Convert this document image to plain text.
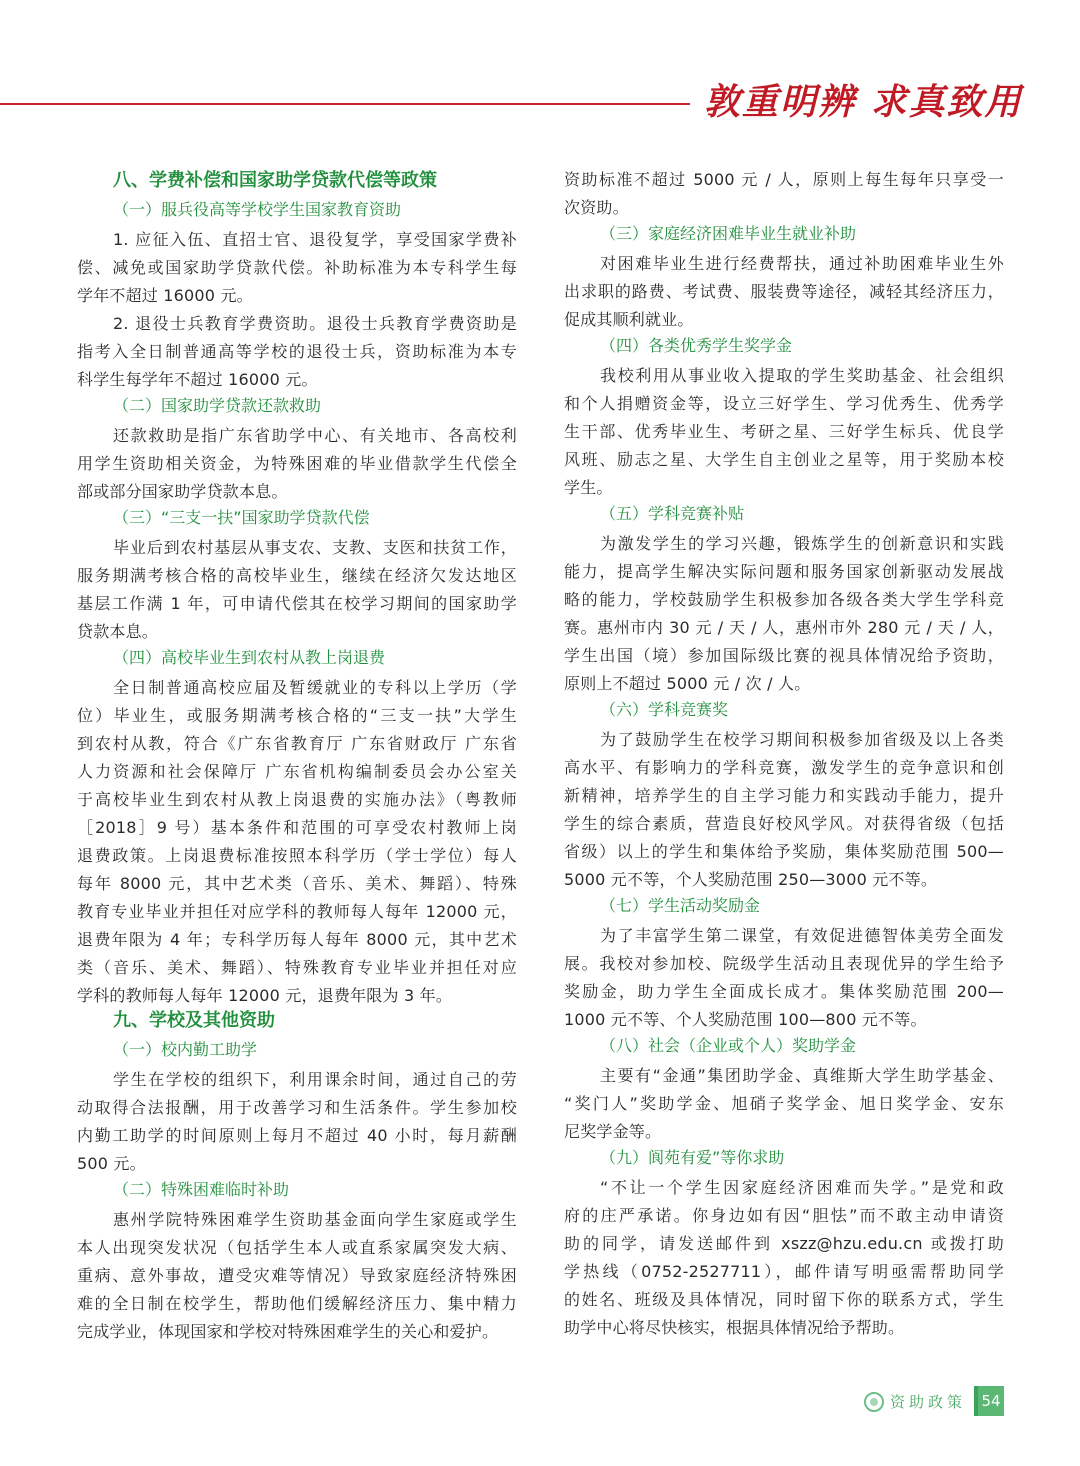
敦重明辨 求真致用
八、学费补偿和国家助学贷款代偿等政策
（一）服兵役高等学校学生国家教育资助
1. 应征入伍、直招士官、退役复学，享受国家学费补
偿、减免或国家助学贷款代偿。补助标准为本专科学生每
学年不超过 16000 元。
2. 退役士兵教育学费资助。退役士兵教育学费资助是
指考入全日制普通高等学校的退役士兵，资助标准为本专
科学生每学年不超过 16000 元。
（二）国家助学贷款还款救助
还款救助是指广东省助学中心、有关地市、各高校利
用学生资助相关资金，为特殊困难的毕业借款学生代偿全
部或部分国家助学贷款本息。
（三）“三支一扶”国家助学贷款代偿
毕业后到农村基层从事支农、支教、支医和扶贫工作，
服务期满考核合格的高校毕业生，继续在经济欠发达地区
基层工作满 1 年，可申请代偿其在校学习期间的国家助学
贷款本息。
（四）高校毕业生到农村从教上岗退费
全日制普通高校应届及暂缓就业的专科以上学历（学
位）毕业生，或服务期满考核合格的“三支一扶”大学生
到农村从教，符合《广东省教育厅 广东省财政厅 广东省
人力资源和社会保障厅 广东省机构编制委员会办公室关
于高校毕业生到农村从教上岗退费的实施办法》（粤教师
［2018］9 号）基本条件和范围的可享受农村教师上岗
退费政策。上岗退费标准按照本科学历（学士学位）每人
每年 8000 元，其中艺术类（音乐、美术、舞蹈）、特殊
教育专业毕业并担任对应学科的教师每人每年 12000 元，
退费年限为 4 年；专科学历每人每年 8000 元，其中艺术
类（音乐、美术、舞蹈）、特殊教育专业毕业并担任对应
学科的教师每人每年 12000 元，退费年限为 3 年。
九、学校及其他资助
（一）校内勤工助学
学生在学校的组织下，利用课余时间，通过自己的劳
动取得合法报酬，用于改善学习和生活条件。学生参加校
内勤工助学的时间原则上每月不超过 40 小时，每月薪酬
500 元。
（二）特殊困难临时补助
惠州学院特殊困难学生资助基金面向学生家庭或学生
本人出现突发状况（包括学生本人或直系家属突发大病、
重病、意外事故，遭受灾难等情况）导致家庭经济特殊困
难的全日制在校学生，帮助他们缓解经济压力、集中精力
完成学业，体现国家和学校对特殊困难学生的关心和爱护。
资助标准不超过 5000 元 / 人，原则上每生每年只享受一
次资助。
（三）家庭经济困难毕业生就业补助
对困难毕业生进行经费帮扶，通过补助困难毕业生外
出求职的路费、考试费、服装费等途径，减轻其经济压力，
促成其顺利就业。
（四）各类优秀学生奖学金
我校利用从事业收入提取的学生奖助基金、社会组织
和个人捐赠资金等，设立三好学生、学习优秀生、优秀学
生干部、优秀毕业生、考研之星、三好学生标兵、优良学
风班、励志之星、大学生自主创业之星等，用于奖励本校
学生。
（五）学科竞赛补贴
为激发学生的学习兴趣，锻炼学生的创新意识和实践
能力，提高学生解决实际问题和服务国家创新驱动发展战
略的能力，学校鼓励学生积极参加各级各类大学生学科竞
赛。惠州市内 30 元 / 天 / 人，惠州市外 280 元 / 天 / 人，
学生出国（境）参加国际级比赛的视具体情况给予资助，
原则上不超过 5000 元 / 次 / 人。
（六）学科竞赛奖
为了鼓励学生在校学习期间积极参加省级及以上各类
高水平、有影响力的学科竞赛，激发学生的竞争意识和创
新精神，培养学生的自主学习能力和实践动手能力，提升
学生的综合素质，营造良好校风学风。对获得省级（包括
省级）以上的学生和集体给予奖励，集体奖励范围 500—
5000 元不等，个人奖励范围 250—3000 元不等。
（七）学生活动奖励金
为了丰富学生第二课堂，有效促进德智体美劳全面发
展。我校对参加校、院级学生活动且表现优异的学生给予
奖励金，助力学生全面成长成才。集体奖励范围 200—
1000 元不等、个人奖励范围 100—800 元不等。
（八）社会（企业或个人）奖助学金
主要有“金通”集团助学金、真维斯大学生助学基金、
“奖门人”奖助学金、旭硝子奖学金、旭日奖学金、安东
尼奖学金等。
（九）阆苑有爱”等你求助
“不让一个学生因家庭经济困难而失学。”是党和政
府的庄严承诺。你身边如有因“胆怯”而不敢主动申请资
助的同学，请发送邮件到 xszz@hzu.edu.cn 或拨打助
学热线（0752-2527711），邮件请写明亟需帮助同学
的姓名、班级及具体情况，同时留下你的联系方式，学生
助学中心将尽快核实，根据具体情况给予帮助。
资助政策 54
